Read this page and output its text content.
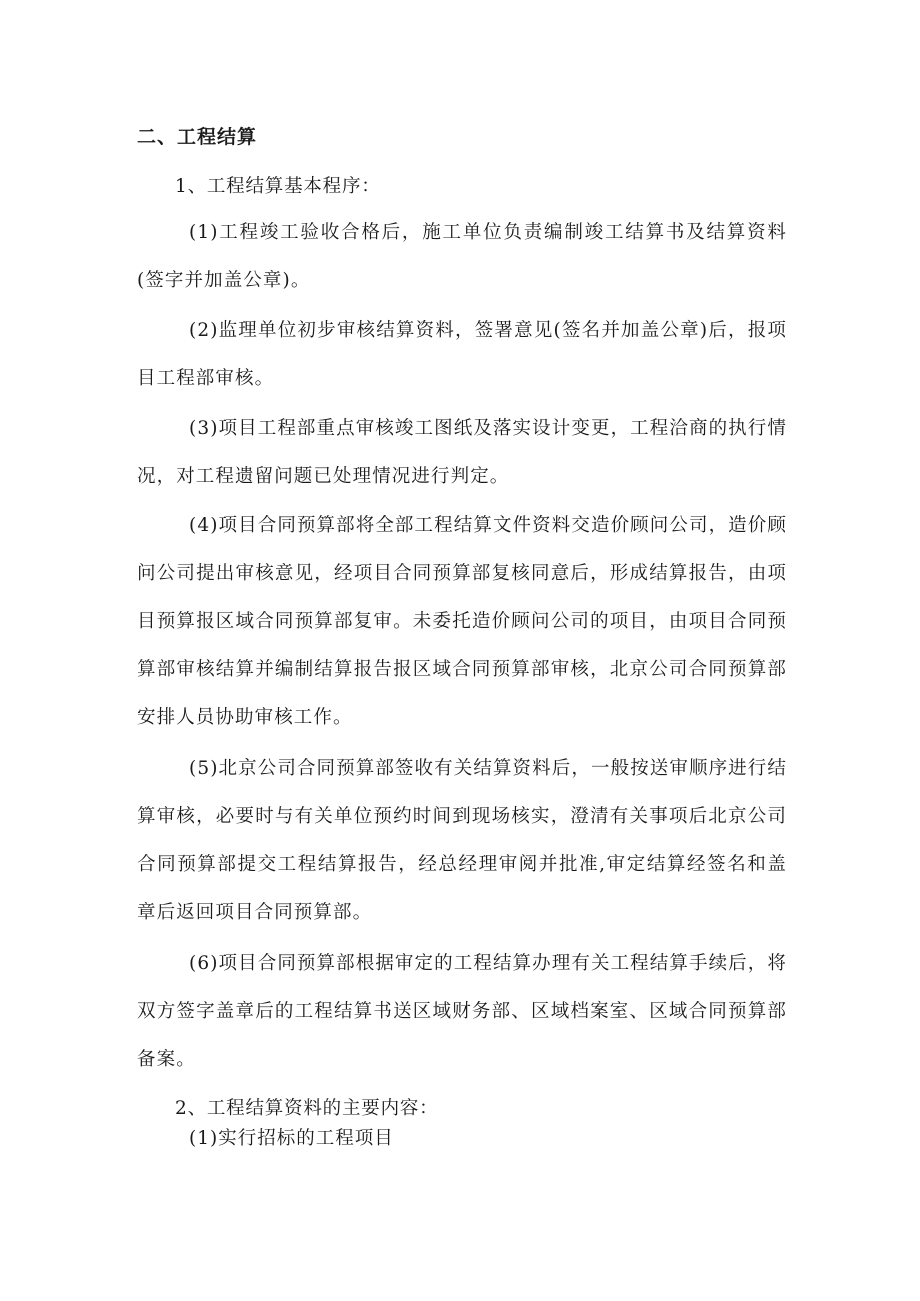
二、工程结算
1、工程结算基本程序：
(1)工程竣工验收合格后，施工单位负责编制竣工结算书及结算资料(签字并加盖公章)。
(2)监理单位初步审核结算资料，签署意见(签名并加盖公章)后，报项目工程部审核。
(3)项目工程部重点审核竣工图纸及落实设计变更，工程洽商的执行情况，对工程遗留问题已处理情况进行判定。
(4)项目合同预算部将全部工程结算文件资料交造价顾问公司，造价顾问公司提出审核意见，经项目合同预算部复核同意后，形成结算报告，由项目预算报区域合同预算部复审。未委托造价顾问公司的项目，由项目合同预算部审核结算并编制结算报告报区域合同预算部审核，北京公司合同预算部安排人员协助审核工作。
(5)北京公司合同预算部签收有关结算资料后，一般按送审顺序进行结算审核，必要时与有关单位预约时间到现场核实，澄清有关事项后北京公司合同预算部提交工程结算报告，经总经理审阅并批准,审定结算经签名和盖章后返回项目合同预算部。
(6)项目合同预算部根据审定的工程结算办理有关工程结算手续后，将双方签字盖章后的工程结算书送区域财务部、区域档案室、区域合同预算部备案。
2、工程结算资料的主要内容：
(1)实行招标的工程项目
